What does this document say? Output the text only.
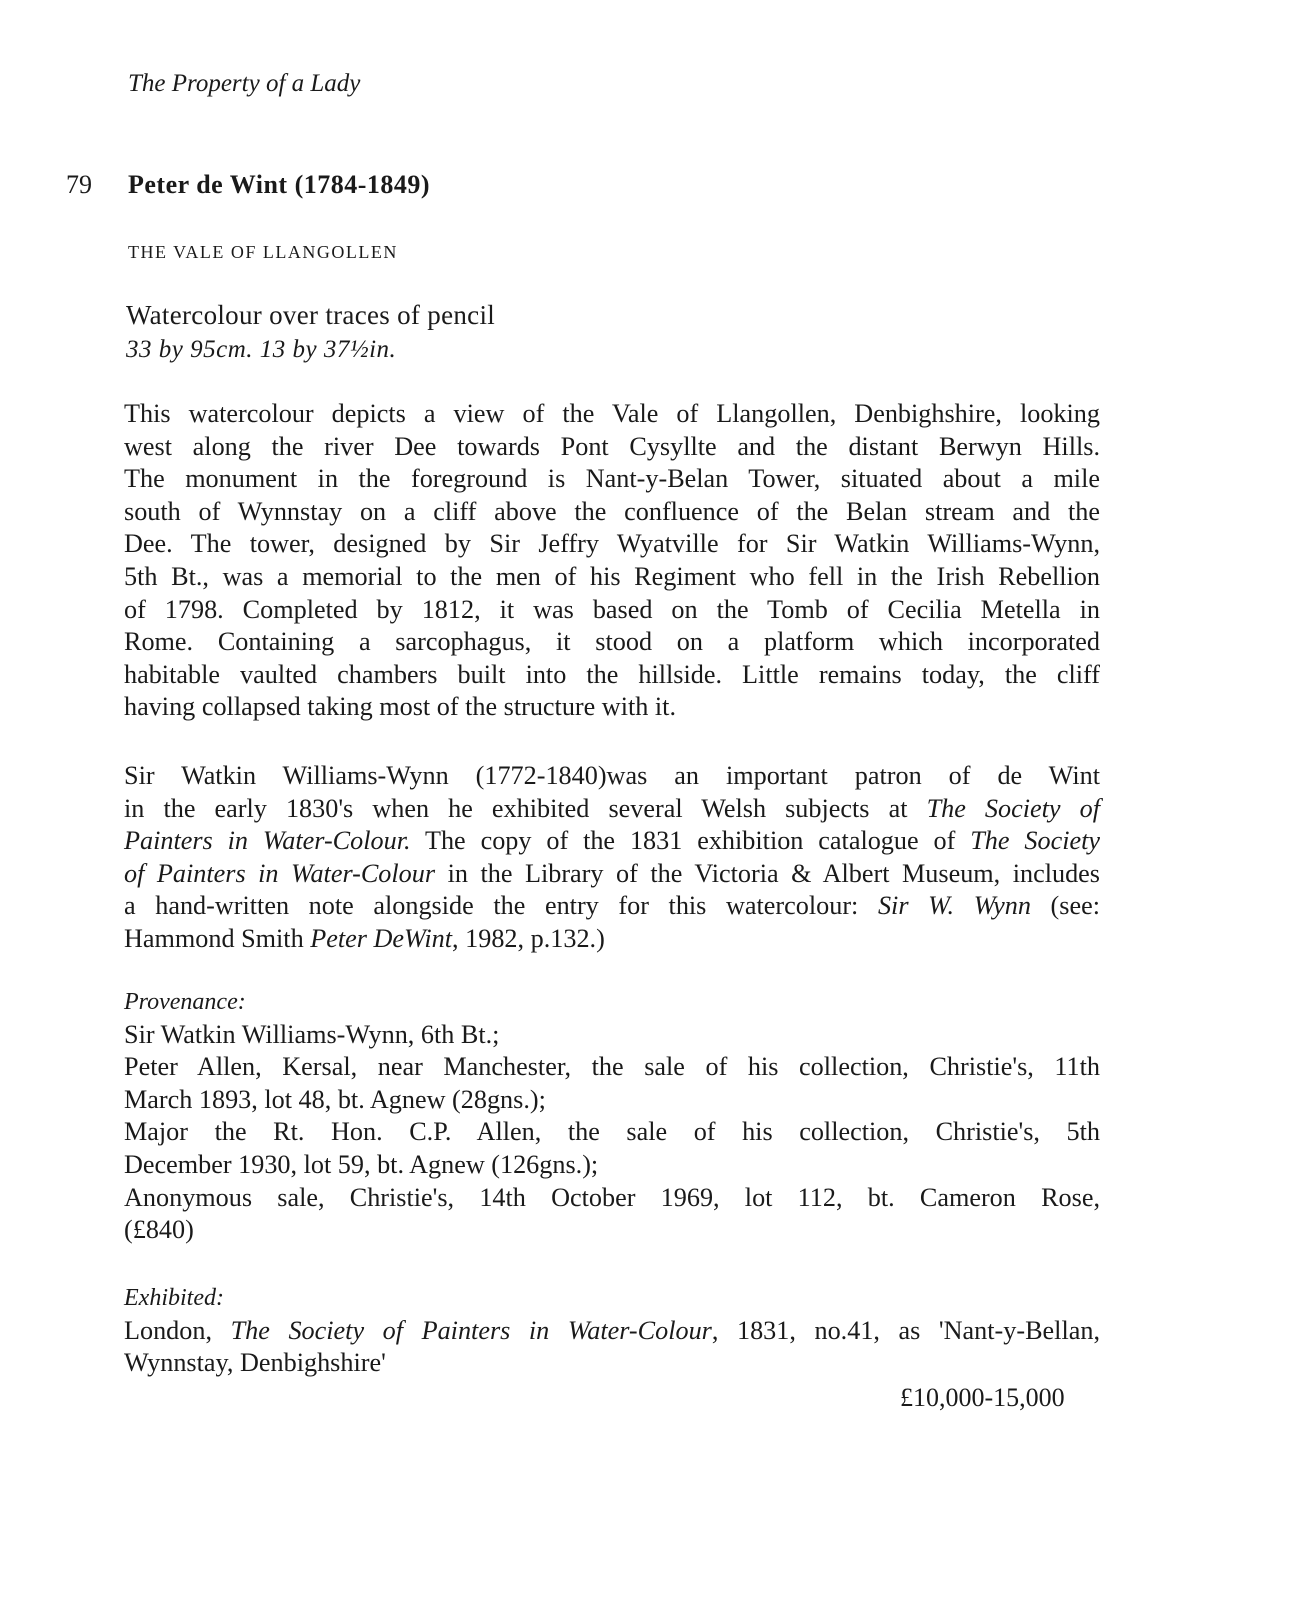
The Property of a Lady
79 Peter de Wint (1784-1849)
THE VALE OF LLANGOLLEN
Watercolour over traces of pencil
33 by 95cm. 13 by 37½in.
This watercolour depicts a view of the Vale of Llangollen, Denbighshire, looking
west along the river Dee towards Pont Cysyllte and the distant Berwyn Hills.
The monument in the foreground is Nant-y-Belan Tower, situated about a mile
south of Wynnstay on a cliff above the confluence of the Belan stream and the
Dee. The tower, designed by Sir Jeffry Wyatville for Sir Watkin Williams-Wynn,
5th Bt., was a memorial to the men of his Regiment who fell in the Irish Rebellion
of 1798. Completed by 1812, it was based on the Tomb of Cecilia Metella in
Rome. Containing a sarcophagus, it stood on a platform which incorporated
habitable vaulted chambers built into the hillside. Little remains today, the cliff
having collapsed taking most of the structure with it.
Sir Watkin Williams-Wynn (1772-1840)was an important patron of de Wint
in the early 1830's when he exhibited several Welsh subjects at The Society of
Painters in Water-Colour. The copy of the 1831 exhibition catalogue of The Society
of Painters in Water-Colour in the Library of the Victoria & Albert Museum, includes
a hand-written note alongside the entry for this watercolour: Sir W. Wynn (see:
Hammond Smith Peter DeWint, 1982, p.132.)
Provenance:
Sir Watkin Williams-Wynn, 6th Bt.;
Peter Allen, Kersal, near Manchester, the sale of his collection, Christie's, 11th
March 1893, lot 48, bt. Agnew (28gns.);
Major the Rt. Hon. C.P. Allen, the sale of his collection, Christie's, 5th
December 1930, lot 59, bt. Agnew (126gns.);
Anonymous sale, Christie's, 14th October 1969, lot 112, bt. Cameron Rose,
(£840)
Exhibited:
London, The Society of Painters in Water-Colour, 1831, no.41, as 'Nant-y-Bellan,
Wynnstay, Denbighshire'
£10,000-15,000
